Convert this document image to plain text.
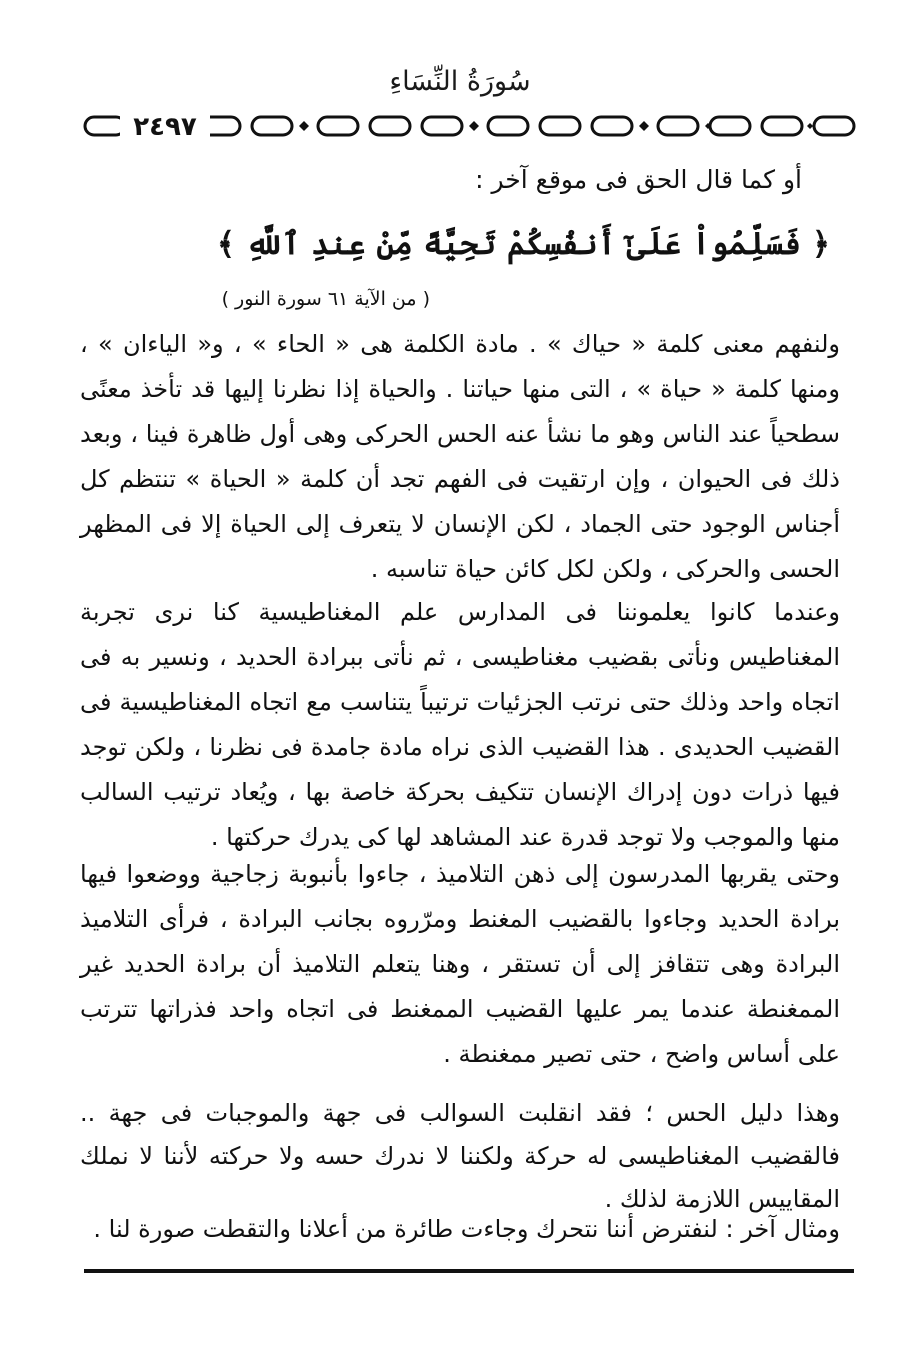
سُورَةُ النِّسَاءِ
٢٤٩٧
أو كما قال الحق فى موقع آخر :
﴿ فَسَلِّمُواْ عَلَىٰٓ أَنفُسِكُمْ تَحِيَّةً مِّنْ عِندِ ٱللَّهِ ﴾
( من الآية ٦١ سورة النور )
ولنفهم معنى كلمة « حياك » . مادة الكلمة هى « الحاء » ، و« الياءان » ، ومنها كلمة « حياة » ، التى منها حياتنا . والحياة إذا نظرنا إليها قد تأخذ معنًى سطحياً عند الناس وهو ما نشأ عنه الحس الحركى وهى أول ظاهرة فينا ، وبعد ذلك فى الحيوان ، وإن ارتقيت فى الفهم تجد أن كلمة « الحياة » تنتظم كل أجناس الوجود حتى الجماد ، لكن الإنسان لا يتعرف إلى الحياة إلا فى المظهر الحسى والحركى ، ولكن لكل كائن حياة تناسبه .
وعندما كانوا يعلموننا فى المدارس علم المغناطيسية كنا نرى تجربة المغناطيس ونأتى بقضيب مغناطيسى ، ثم نأتى ببرادة الحديد ، ونسير به فى اتجاه واحد وذلك حتى نرتب الجزئيات ترتيباً يتناسب مع اتجاه المغناطيسية فى القضيب الحديدى . هذا القضيب الذى نراه مادة جامدة فى نظرنا ، ولكن توجد فيها ذرات دون إدراك الإنسان تتكيف بحركة خاصة بها ، ويُعاد ترتيب السالب منها والموجب ولا توجد قدرة عند المشاهد لها كى يدرك حركتها .
وحتى يقربها المدرسون إلى ذهن التلاميذ ، جاءوا بأنبوبة زجاجية ووضعوا فيها برادة الحديد وجاءوا بالقضيب المغنط ومرّروه بجانب البرادة ، فرأى التلاميذ البرادة وهى تتقافز إلى أن تستقر ، وهنا يتعلم التلاميذ أن برادة الحديد غير الممغنطة عندما يمر عليها القضيب الممغنط فى اتجاه واحد فذراتها تترتب على أساس واضح ، حتى تصير ممغنطة .
وهذا دليل الحس ؛ فقد انقلبت السوالب فى جهة والموجبات فى جهة .. فالقضيب المغناطيسى له حركة ولكننا لا ندرك حسه ولا حركته لأننا لا نملك المقاييس اللازمة لذلك .
ومثال آخر : لنفترض أننا نتحرك وجاءت طائرة من أعلانا والتقطت صورة لنا .
